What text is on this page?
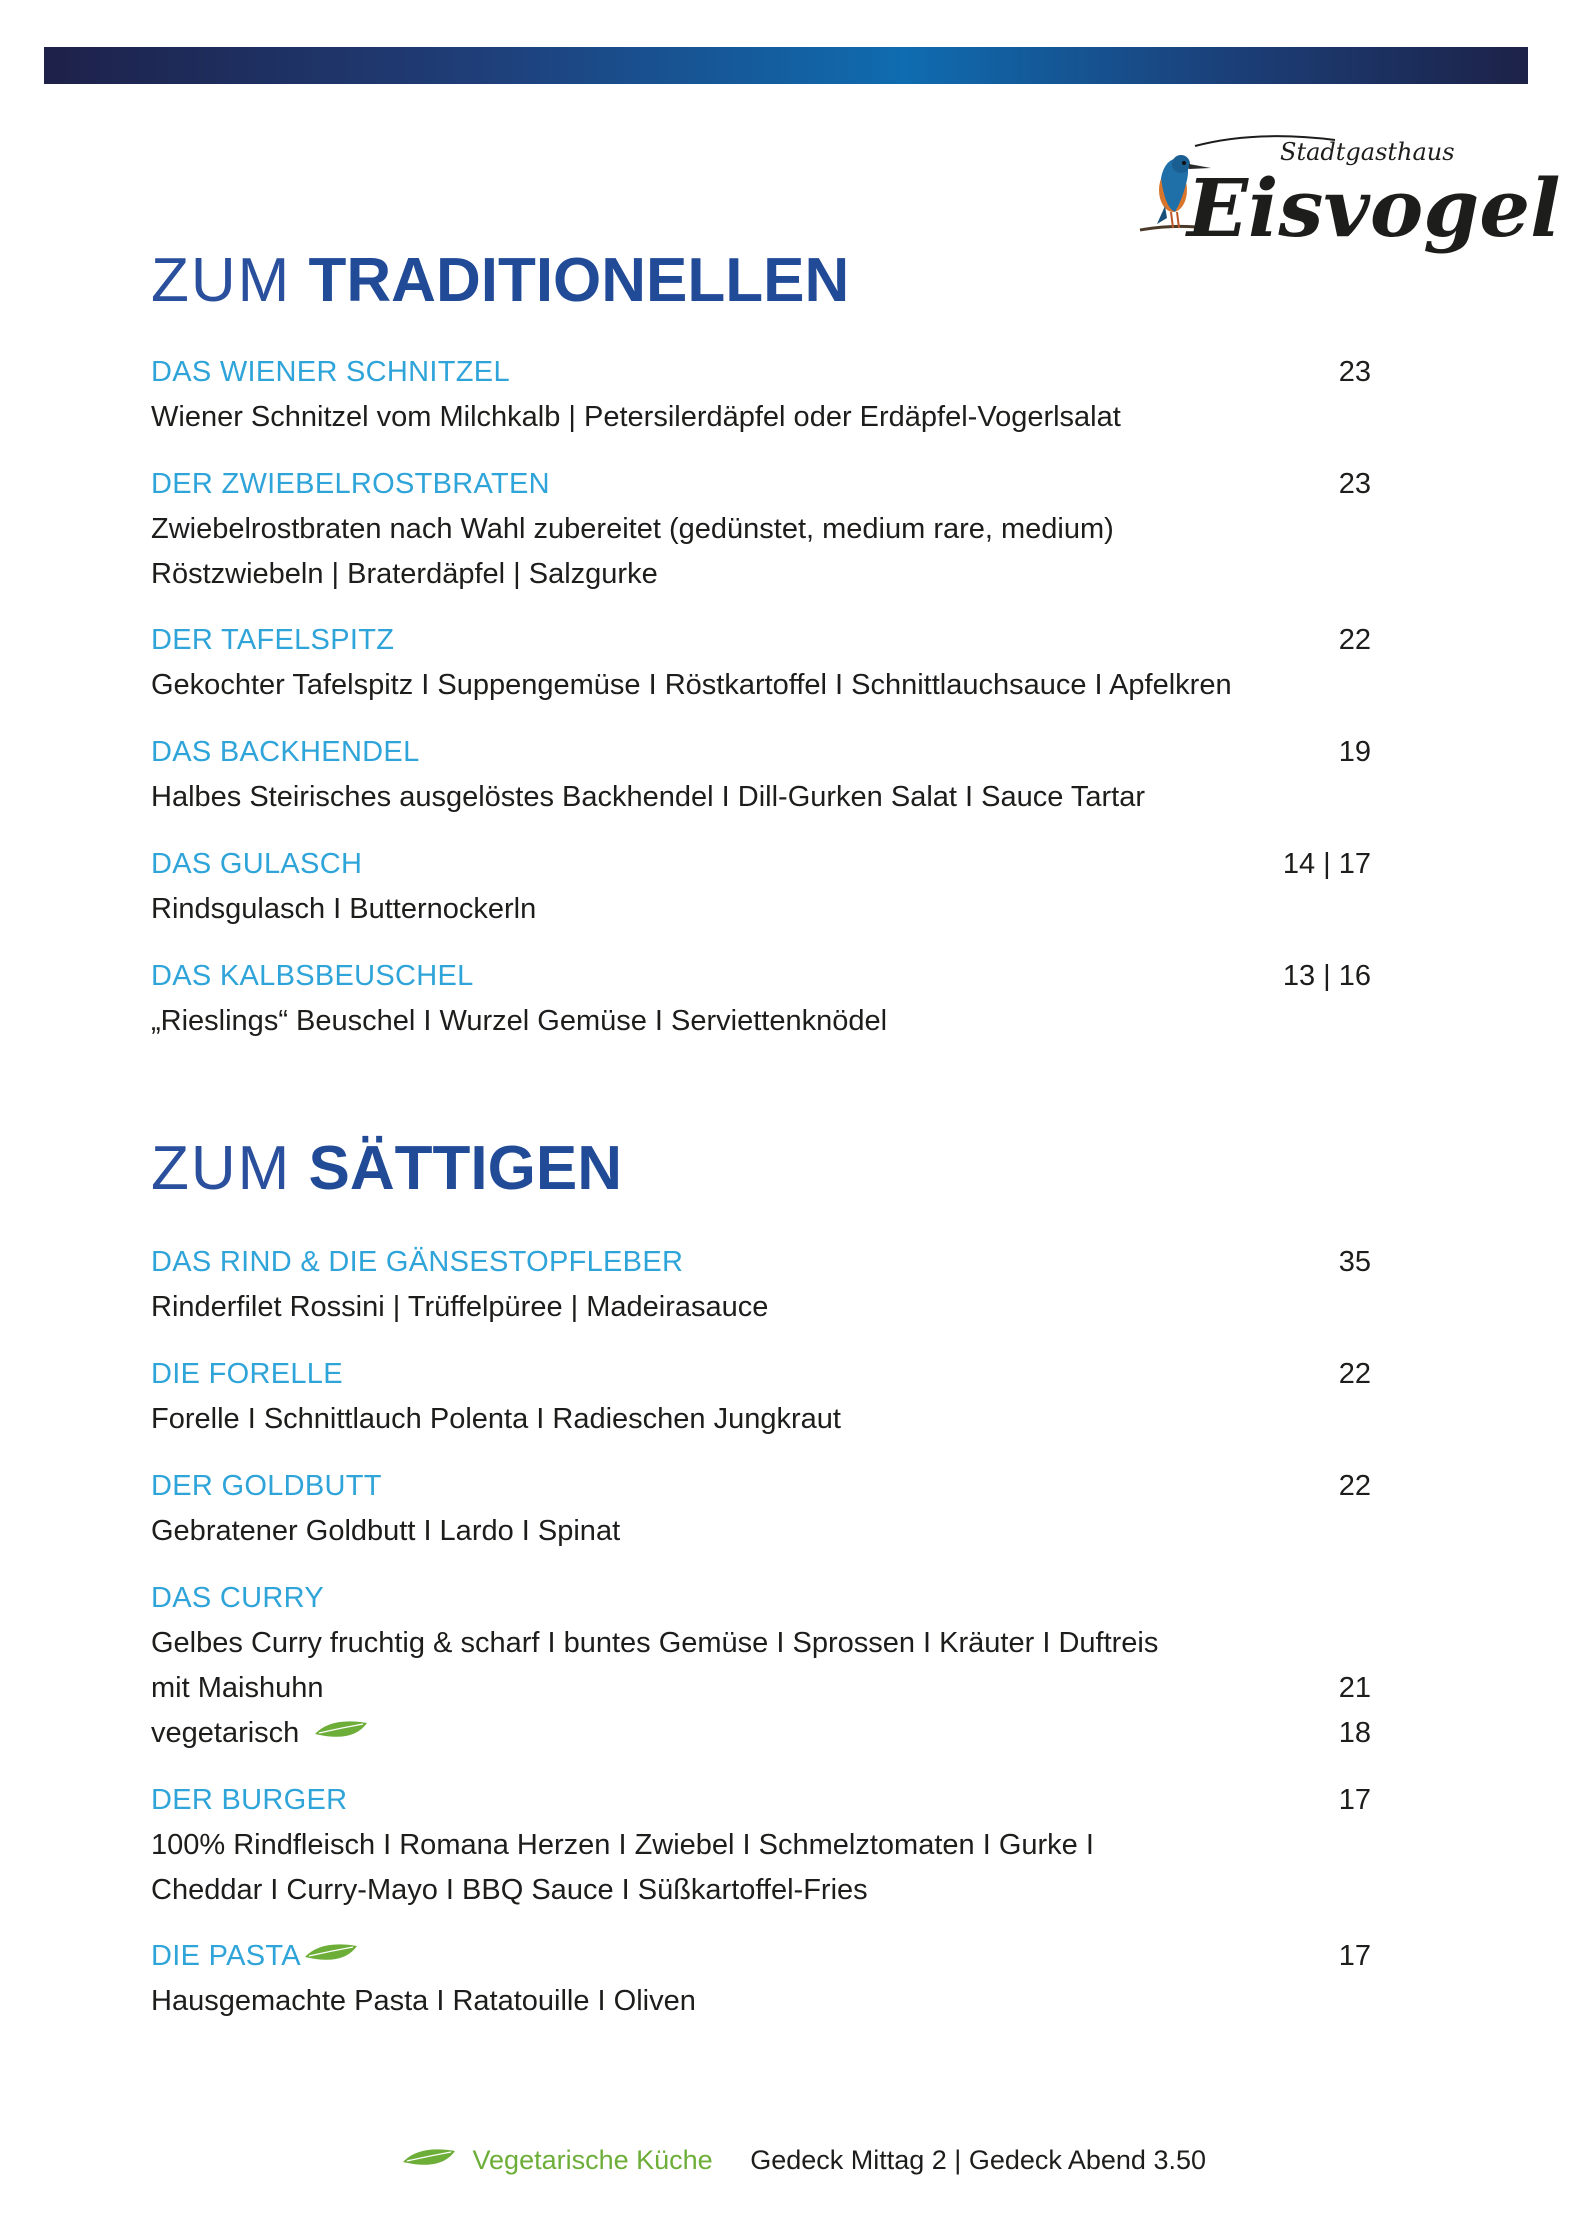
Stadtgasthaus
Eisvogel
ZUM TRADITIONELLEN
DAS WIENER SCHNITZEL	23
Wiener Schnitzel vom Milchkalb | Petersilerdäpfel oder Erdäpfel-Vogerlsalat
DER ZWIEBELROSTBRATEN	23
Zwiebelrostbraten nach Wahl zubereitet (gedünstet, medium rare, medium)
Röstzwiebeln | Braterdäpfel | Salzgurke
DER TAFELSPITZ	22
Gekochter Tafelspitz I Suppengemüse I Röstkartoffel I Schnittlauchsauce I Apfelkren
DAS BACKHENDEL	19
Halbes Steirisches ausgelöstes Backhendel I Dill-Gurken Salat I Sauce Tartar
DAS GULASCH	14 | 17
Rindsgulasch I Butternockerln
DAS KALBSBEUSCHEL	13 | 16
„Rieslings“ Beuschel I Wurzel Gemüse I Serviettenknödel
ZUM SÄTTIGEN
DAS RIND & DIE GÄNSESTOPFLEBER	35
Rinderfilet Rossini | Trüffelpüree | Madeirasauce
DIE FORELLE	22
Forelle I Schnittlauch Polenta I Radieschen Jungkraut
DER GOLDBUTT	22
Gebratener Goldbutt I Lardo I Spinat
DAS CURRY
Gelbes Curry fruchtig & scharf I buntes Gemüse I Sprossen I Kräuter I Duftreis
mit Maishuhn	21
vegetarisch	18
DER BURGER	17
100% Rindfleisch I Romana Herzen I Zwiebel I Schmelztomaten I Gurke I
Cheddar I Curry-Mayo I BBQ Sauce I Süßkartoffel-Fries
DIE PASTA	17
Hausgemachte Pasta I Ratatouille I Oliven
Vegetarische Küche Gedeck Mittag 2 | Gedeck Abend 3.50
